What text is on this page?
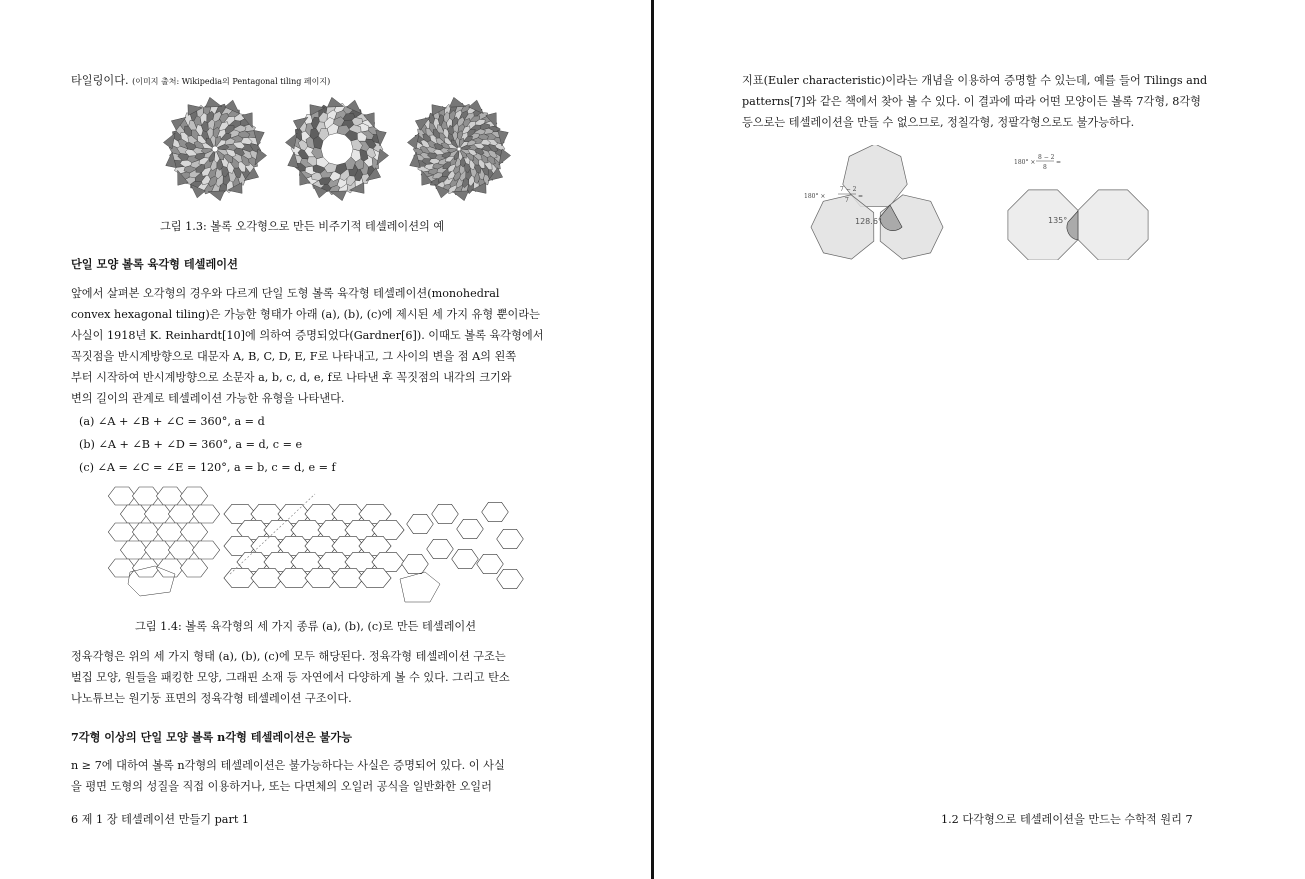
타일링이다. (이미지 출처: Wikipedia의 Pentagonal tiling 페이지)
그림 1.3: 볼록 오각형으로 만든 비주기적 테셀레이션의 예
단일 모양 볼록 육각형 테셀레이션
앞에서 살펴본 오각형의 경우와 다르게 단일 도형 볼록 육각형 테셀레이션(monohedral
convex hexagonal tiling)은 가능한 형태가 아래 (a), (b), (c)에 제시된 세 가지 유형 뿐이라는
사실이 1918년 K. Reinhardt[10]에 의하여 증명되었다(Gardner[6]). 이때도 볼록 육각형에서
꼭짓점을 반시계방향으로 대문자 A, B, C, D, E, F로 나타내고, 그 사이의 변을 점 A의 왼쪽
부터 시작하여 반시계방향으로 소문자 a, b, c, d, e, f로 나타낸 후 꼭짓점의 내각의 크기와
변의 길이의 관계로 테셀레이션 가능한 유형을 나타낸다.
(a) ∠A + ∠B + ∠C = 360°, a = d
(b) ∠A + ∠B + ∠D = 360°, a = d, c = e
(c) ∠A = ∠C = ∠E = 120°, a = b, c = d, e = f
그림 1.4: 볼록 육각형의 세 가지 종류 (a), (b), (c)로 만든 테셀레이션
정육각형은 위의 세 가지 형태 (a), (b), (c)에 모두 해당된다. 정육각형 테셀레이션 구조는
벌집 모양, 원들을 패킹한 모양, 그래핀 소재 등 자연에서 다양하게 볼 수 있다. 그리고 탄소
나노튜브는 원기둥 표면의 정육각형 테셀레이션 구조이다.
7각형 이상의 단일 모양 볼록 n각형 테셀레이션은 불가능
n ≥ 7에 대하여 볼록 n각형의 테셀레이션은 불가능하다는 사실은 증명되어 있다. 이 사실
을 평면 도형의 성질을 직접 이용하거나, 또는 다면체의 오일러 공식을 일반화한 오일러
6 제 1 장 테셀레이션 만들기 part 1
지표(Euler characteristic)이라는 개념을 이용하여 증명할 수 있는데, 예를 들어 Tilings and
patterns[7]와 같은 책에서 찾아 볼 수 있다. 이 결과에 따라 어떤 모양이든 볼록 7각형, 8각형
등으로는 테셀레이션을 만들 수 없으므로, 정칠각형, 정팔각형으로도 불가능하다.
180° ×
7 − 2
7
=
128.6°
180° ×
8 − 2
8
=
135°
1.2 다각형으로 테셀레이션을 만드는 수학적 원리 7
